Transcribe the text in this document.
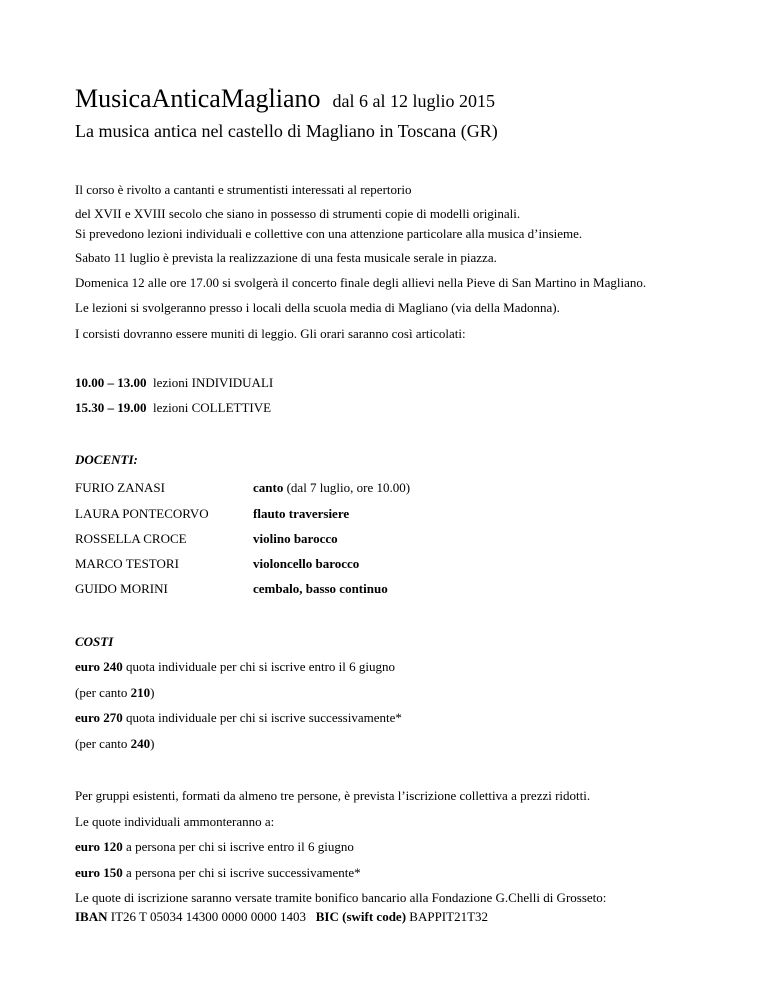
MusicaAnticaMagliano dal 6 al 12 luglio 2015
La musica antica nel castello di Magliano in Toscana (GR)
Il corso è rivolto a cantanti e strumentisti interessati al repertorio
del XVII e XVIII secolo che siano in possesso di strumenti copie di modelli originali.
Si prevedono lezioni individuali e collettive con una attenzione particolare alla musica d’insieme.
Sabato 11 luglio è prevista la realizzazione di una festa musicale serale in piazza.
Domenica 12 alle ore 17.00 si svolgerà il concerto finale degli allievi nella Pieve di San Martino in Magliano.
Le lezioni si svolgeranno presso i locali della scuola media di Magliano (via della Madonna).
I corsisti dovranno essere muniti di leggio. Gli orari saranno così articolati:
10.00 – 13.00 lezioni INDIVIDUALI
15.30 – 19.00 lezioni COLLETTIVE
DOCENTI:
FURIO ZANASI	canto (dal 7 luglio, ore 10.00)
LAURA PONTECORVO	flauto traversiere
ROSSELLA CROCE	violino barocco
MARCO TESTORI	violoncello barocco
GUIDO MORINI	cembalo, basso continuo
COSTI
euro 240 quota individuale per chi si iscrive entro il 6 giugno
(per canto 210)
euro 270 quota individuale per chi si iscrive successivamente*
(per canto 240)
Per gruppi esistenti, formati da almeno tre persone, è prevista l’iscrizione collettiva a prezzi ridotti.
Le quote individuali ammonteranno a:
euro 120 a persona per chi si iscrive entro il 6 giugno
euro 150 a persona per chi si iscrive successivamente*
Le quote di iscrizione saranno versate tramite bonifico bancario alla Fondazione G.Chelli di Grosseto:
IBAN IT26 T 05034 14300 0000 0000 1403   BIC (swift code) BAPPIT21T32
